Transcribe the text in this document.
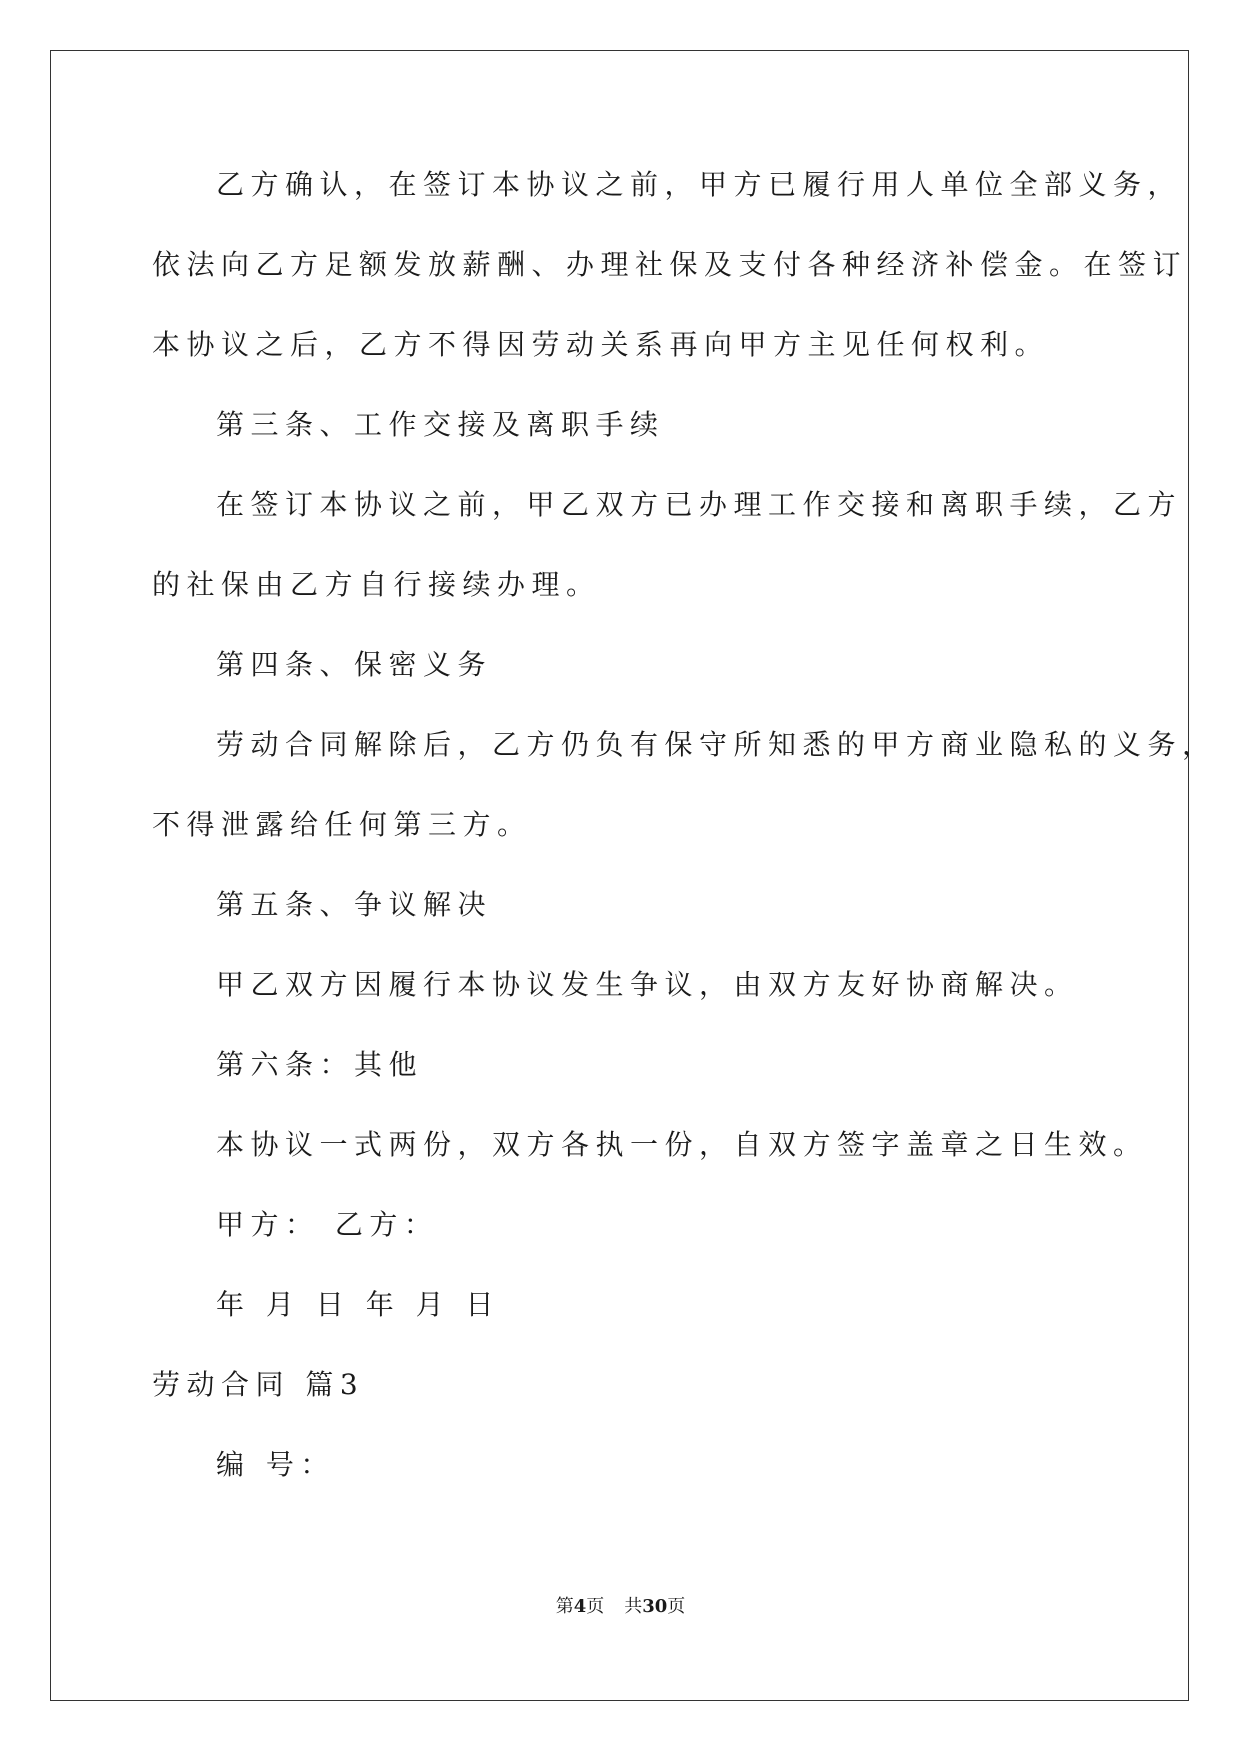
乙方确认，在签订本协议之前，甲方已履行用人单位全部义务，
依法向乙方足额发放薪酬、办理社保及支付各种经济补偿金。在签订
本协议之后，乙方不得因劳动关系再向甲方主见任何权利。
第三条、工作交接及离职手续
在签订本协议之前，甲乙双方已办理工作交接和离职手续，乙方
的社保由乙方自行接续办理。
第四条、保密义务
劳动合同解除后，乙方仍负有保守所知悉的甲方商业隐私的义务，
不得泄露给任何第三方。
第五条、争议解决
甲乙双方因履行本协议发生争议，由双方友好协商解决。
第六条：其他
本协议一式两份，双方各执一份，自双方签字盖章之日生效。
甲方： 乙方：
年 月 日 年 月 日
劳动合同 篇3
编 号：
第4页 共30页
